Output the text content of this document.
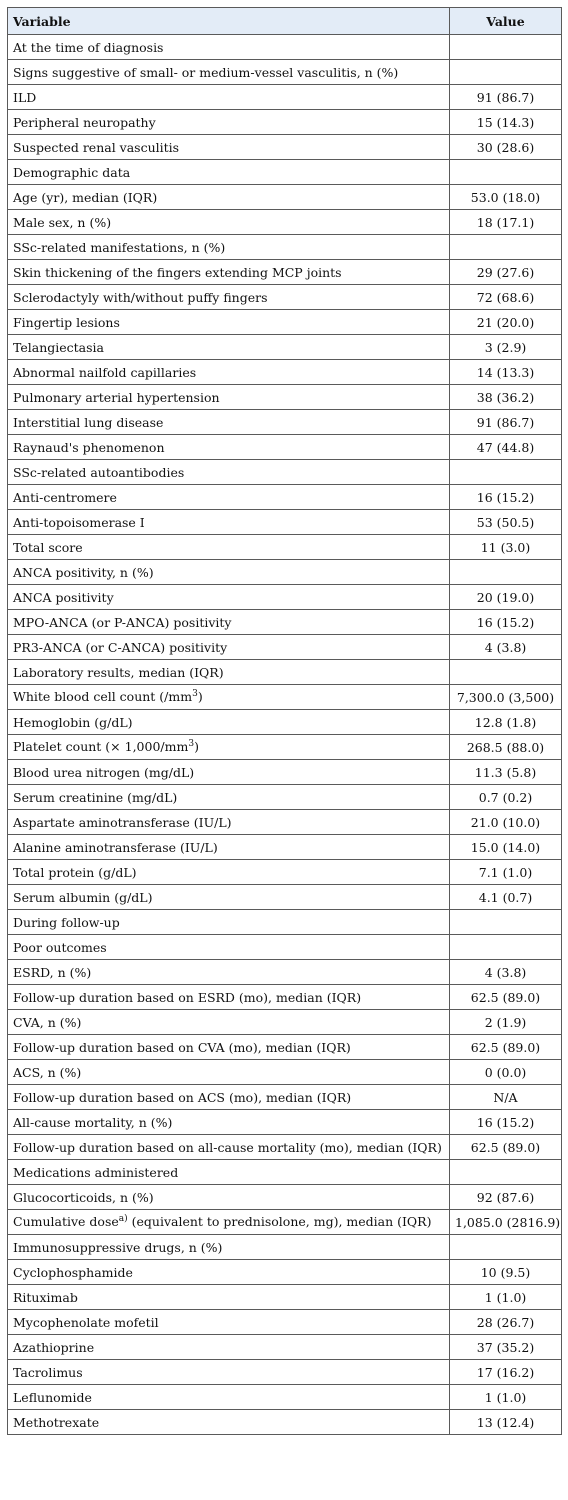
Variable	Value
At the time of diagnosis	
Signs suggestive of small- or medium-vessel vasculitis, n (%)	
ILD	91 (86.7)
Peripheral neuropathy	15 (14.3)
Suspected renal vasculitis	30 (28.6)
Demographic data	
Age (yr), median (IQR)	53.0 (18.0)
Male sex, n (%)	18 (17.1)
SSc-related manifestations, n (%)	
Skin thickening of the fingers extending MCP joints	29 (27.6)
Sclerodactyly with/without puffy fingers	72 (68.6)
Fingertip lesions	21 (20.0)
Telangiectasia	3 (2.9)
Abnormal nailfold capillaries	14 (13.3)
Pulmonary arterial hypertension	38 (36.2)
Interstitial lung disease	91 (86.7)
Raynaud's phenomenon	47 (44.8)
SSc-related autoantibodies	
Anti-centromere	16 (15.2)
Anti-topoisomerase I	53 (50.5)
Total score	11 (3.0)
ANCA positivity, n (%)	
ANCA positivity	20 (19.0)
MPO-ANCA (or P-ANCA) positivity	16 (15.2)
PR3-ANCA (or C-ANCA) positivity	4 (3.8)
Laboratory results, median (IQR)	
White blood cell count $(/mm^3)$	7,300.0 (3,500)
Hemoglobin (g/dL)	12.8 (1.8)
Platelet count (× $1,000/mm^3$)	268.5 (88.0)
Blood urea nitrogen (mg/dL)	11.3 (5.8)
Serum creatinine (mg/dL)	0.7 (0.2)
Aspartate aminotransferase (IU/L)	21.0 (10.0)
Alanine aminotransferase (IU/L)	15.0 (14.0)
Total protein (g/dL)	7.1 (1.0)
Serum albumin (g/dL)	4.1 (0.7)
During follow-up	
Poor outcomes	
ESRD, n (%)	4 (3.8)
Follow-up duration based on ESRD (mo), median (IQR)	62.5 (89.0)
CVA, n (%)	2 (1.9)
Follow-up duration based on CVA (mo), median (IQR)	62.5 (89.0)
ACS, n (%)	0 (0.0)
Follow-up duration based on ACS (mo), median (IQR)	N/A
All-cause mortality, n (%)	16 (15.2)
Follow-up duration based on all-cause mortality (mo), median (IQR)	62.5 (89.0)
Medications administered	
Glucocorticoids, n (%)	92 (87.6)
Cumulative dose$^{a)}$ (equivalent to prednisolone, mg), median (IQR)	1,085.0 (2816.9)
Immunosuppressive drugs, n (%)	
Cyclophosphamide	10 (9.5)
Rituximab	1 (1.0)
Mycophenolate mofetil	28 (26.7)
Azathioprine	37 (35.2)
Tacrolimus	17 (16.2)
Leflunomide	1 (1.0)
Methotrexate	13 (12.4)
